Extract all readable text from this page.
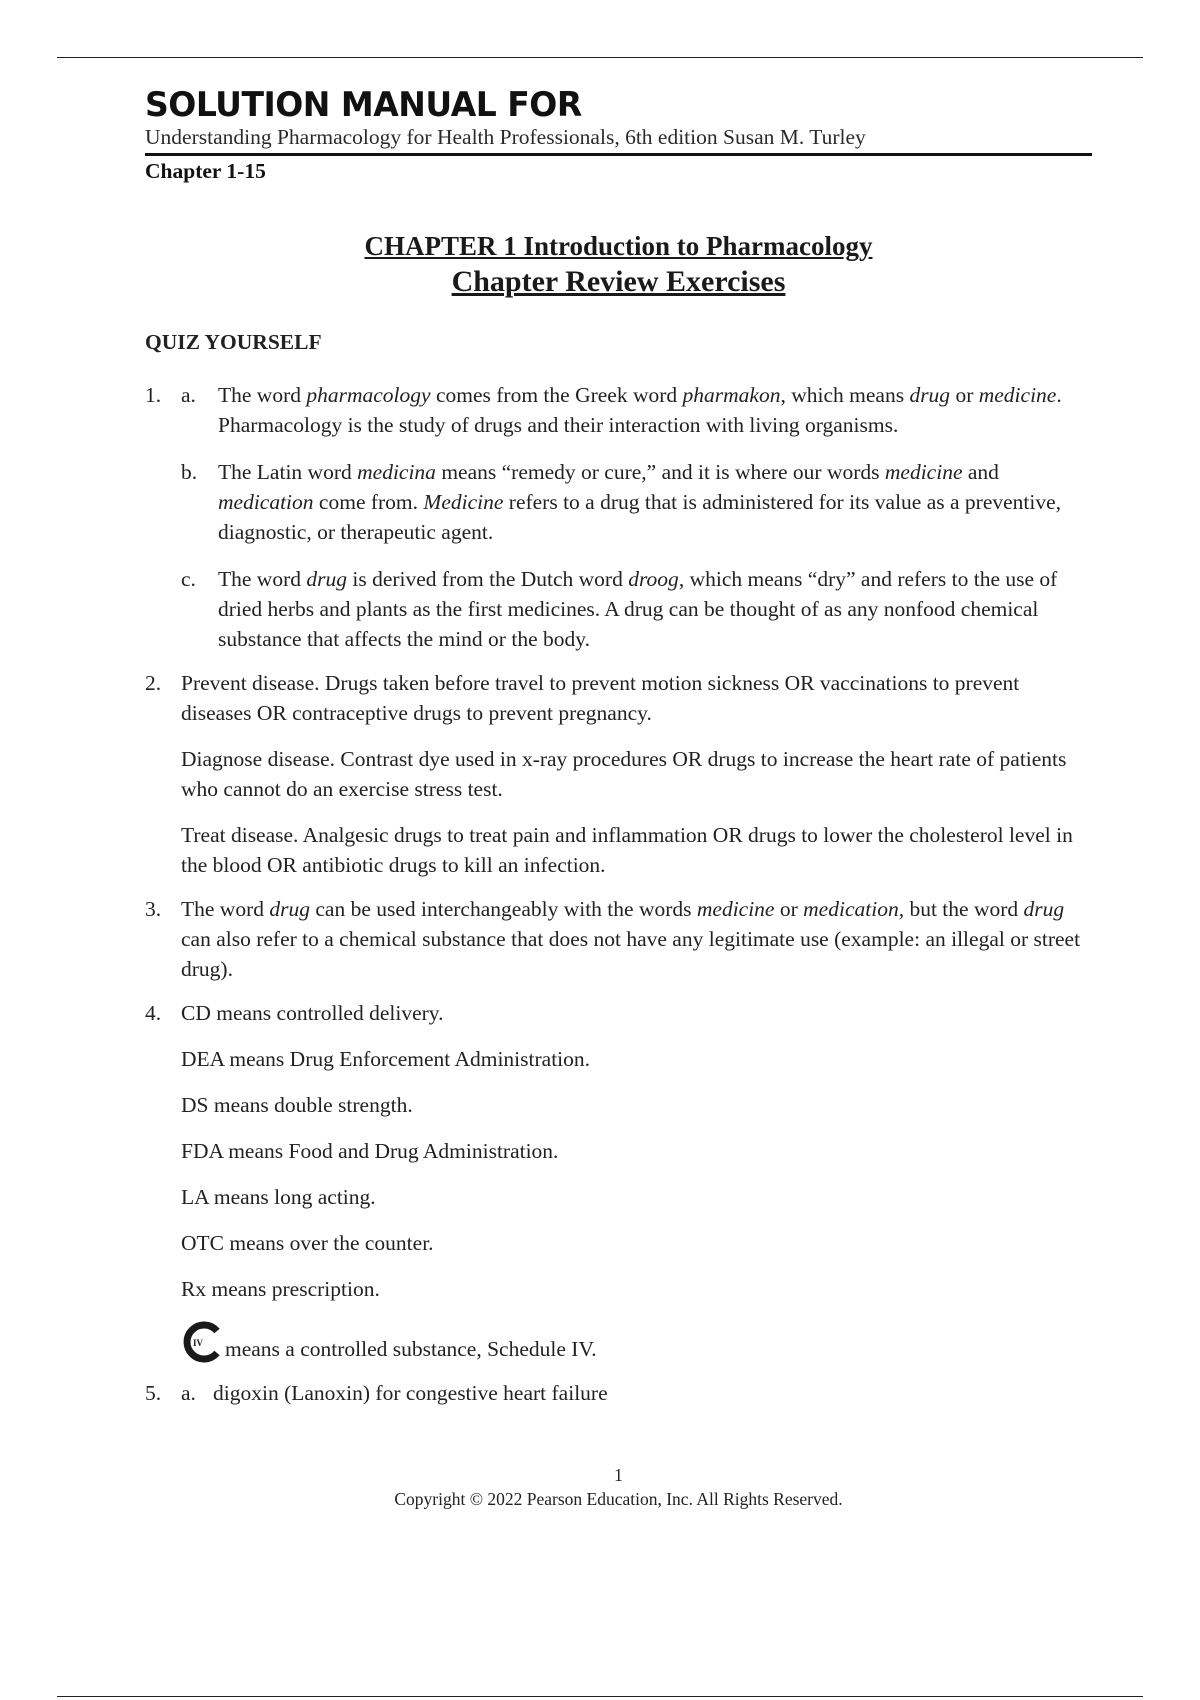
SOLUTION MANUAL FOR
Understanding Pharmacology for Health Professionals, 6th edition Susan M. Turley
Chapter 1-15
CHAPTER 1 Introduction to Pharmacology
Chapter Review Exercises
QUIZ YOURSELF
1. a. The word pharmacology comes from the Greek word pharmakon, which means drug or medicine. Pharmacology is the study of drugs and their interaction with living organisms.
b. The Latin word medicina means “remedy or cure,” and it is where our words medicine and medication come from. Medicine refers to a drug that is administered for its value as a preventive, diagnostic, or therapeutic agent.
c. The word drug is derived from the Dutch word droog, which means “dry” and refers to the use of dried herbs and plants as the first medicines. A drug can be thought of as any nonfood chemical substance that affects the mind or the body.
2. Prevent disease. Drugs taken before travel to prevent motion sickness OR vaccinations to prevent diseases OR contraceptive drugs to prevent pregnancy.
Diagnose disease. Contrast dye used in x-ray procedures OR drugs to increase the heart rate of patients who cannot do an exercise stress test.
Treat disease. Analgesic drugs to treat pain and inflammation OR drugs to lower the cholesterol level in the blood OR antibiotic drugs to kill an infection.
3. The word drug can be used interchangeably with the words medicine or medication, but the word drug can also refer to a chemical substance that does not have any legitimate use (example: an illegal or street drug).
4. CD means controlled delivery.
DEA means Drug Enforcement Administration.
DS means double strength.
FDA means Food and Drug Administration.
LA means long acting.
OTC means over the counter.
Rx means prescription.
IV means a controlled substance, Schedule IV.
5. a. digoxin (Lanoxin) for congestive heart failure
1
Copyright © 2022 Pearson Education, Inc. All Rights Reserved.
